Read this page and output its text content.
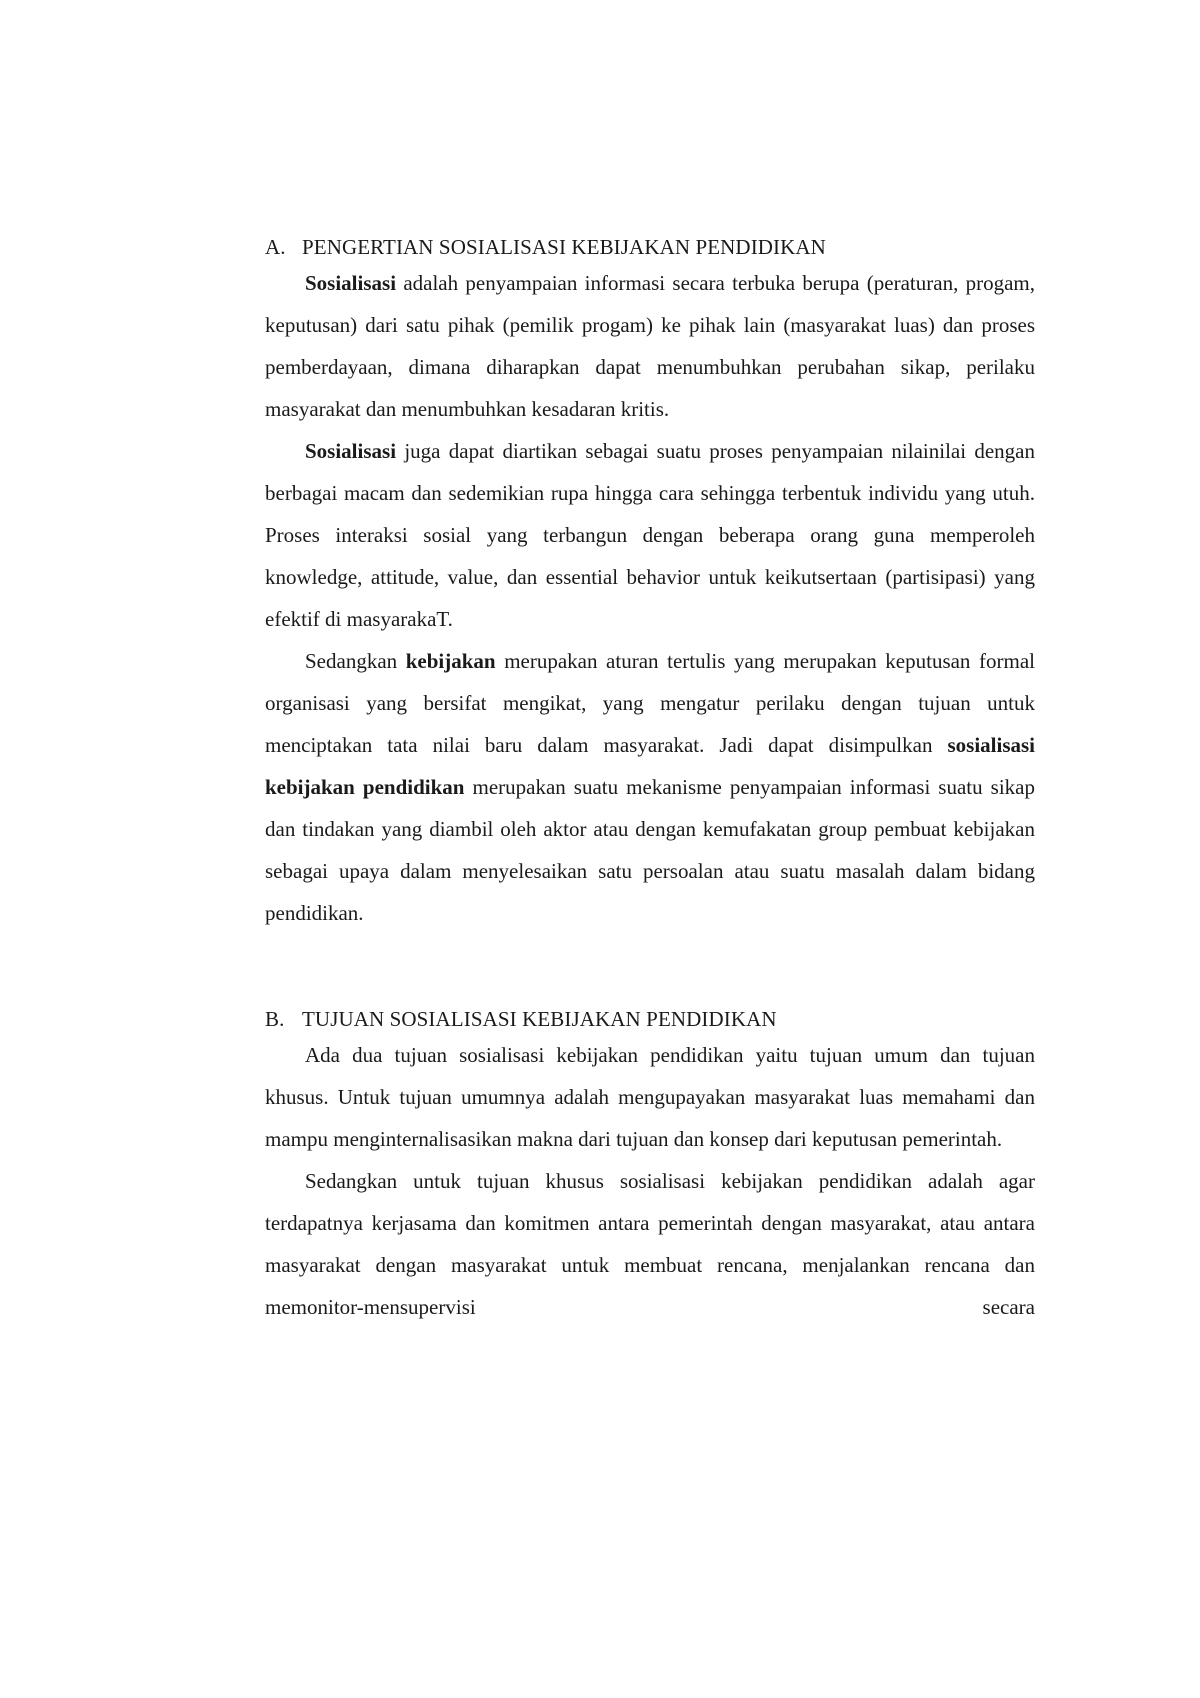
A. PENGERTIAN SOSIALISASI KEBIJAKAN PENDIDIKAN

Sosialisasi adalah penyampaian informasi secara terbuka berupa (peraturan, progam, keputusan) dari satu pihak (pemilik progam) ke pihak lain (masyarakat luas) dan proses pemberdayaan, dimana diharapkan dapat menumbuhkan perubahan sikap, perilaku masyarakat dan menumbuhkan kesadaran kritis.

Sosialisasi juga dapat diartikan sebagai suatu proses penyampaian nilainilai dengan berbagai macam dan sedemikian rupa hingga cara sehingga terbentuk individu yang utuh. Proses interaksi sosial yang terbangun dengan beberapa orang guna memperoleh knowledge, attitude, value, dan essential behavior untuk keikutsertaan (partisipasi) yang efektif di masyarakaT.

Sedangkan kebijakan merupakan aturan tertulis yang merupakan keputusan formal organisasi yang bersifat mengikat, yang mengatur perilaku dengan tujuan untuk menciptakan tata nilai baru dalam masyarakat. Jadi dapat disimpulkan sosialisasi kebijakan pendidikan merupakan suatu mekanisme penyampaian informasi suatu sikap dan tindakan yang diambil oleh aktor atau dengan kemufakatan group pembuat kebijakan sebagai upaya dalam menyelesaikan satu persoalan atau suatu masalah dalam bidang pendidikan.

B. TUJUAN SOSIALISASI KEBIJAKAN PENDIDIKAN

Ada dua tujuan sosialisasi kebijakan pendidikan yaitu tujuan umum dan tujuan khusus. Untuk tujuan umumnya adalah mengupayakan masyarakat luas memahami dan mampu menginternalisasikan makna dari tujuan dan konsep dari keputusan pemerintah.

Sedangkan untuk tujuan khusus sosialisasi kebijakan pendidikan adalah agar terdapatnya kerjasama dan komitmen antara pemerintah dengan masyarakat, atau antara masyarakat dengan masyarakat untuk membuat rencana, menjalankan rencana dan memonitor-mensupervisi secara
